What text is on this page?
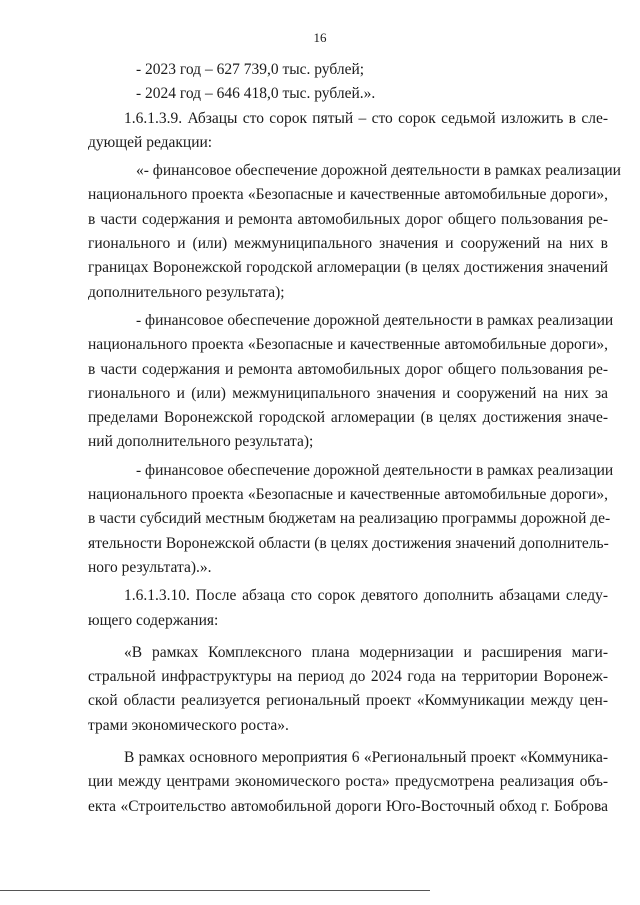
16
- 2023 год – 627 739,0 тыс. рублей;
- 2024 год – 646 418,0 тыс. рублей.».
1.6.1.3.9. Абзацы сто сорок пятый – сто сорок седьмой изложить в сле-
дующей редакции:
«- финансовое обеспечение дорожной деятельности в рамках реализации
национального проекта «Безопасные и качественные автомобильные дороги»,
в части содержания и ремонта автомобильных дорог общего пользования ре-
гионального и (или) межмуниципального значения и сооружений на них в
границах Воронежской городской агломерации (в целях достижения значений
дополнительного результата);
- финансовое обеспечение дорожной деятельности в рамках реализации
национального проекта «Безопасные и качественные автомобильные дороги»,
в части содержания и ремонта автомобильных дорог общего пользования ре-
гионального и (или) межмуниципального значения и сооружений на них за
пределами Воронежской городской агломерации (в целях достижения значе-
ний дополнительного результата);
- финансовое обеспечение дорожной деятельности в рамках реализации
национального проекта «Безопасные и качественные автомобильные дороги»,
в части субсидий местным бюджетам на реализацию программы дорожной де-
ятельности Воронежской области (в целях достижения значений дополнитель-
ного результата).».
1.6.1.3.10. После абзаца сто сорок девятого дополнить абзацами следу-
ющего содержания:
«В рамках Комплексного плана модернизации и расширения маги-
стральной инфраструктуры на период до 2024 года на территории Воронеж-
ской области реализуется региональный проект «Коммуникации между цен-
трами экономического роста».
В рамках основного мероприятия 6 «Региональный проект «Коммуника-
ции между центрами экономического роста» предусмотрена реализация объ-
екта «Строительство автомобильной дороги Юго-Восточный обход г. Боброва
